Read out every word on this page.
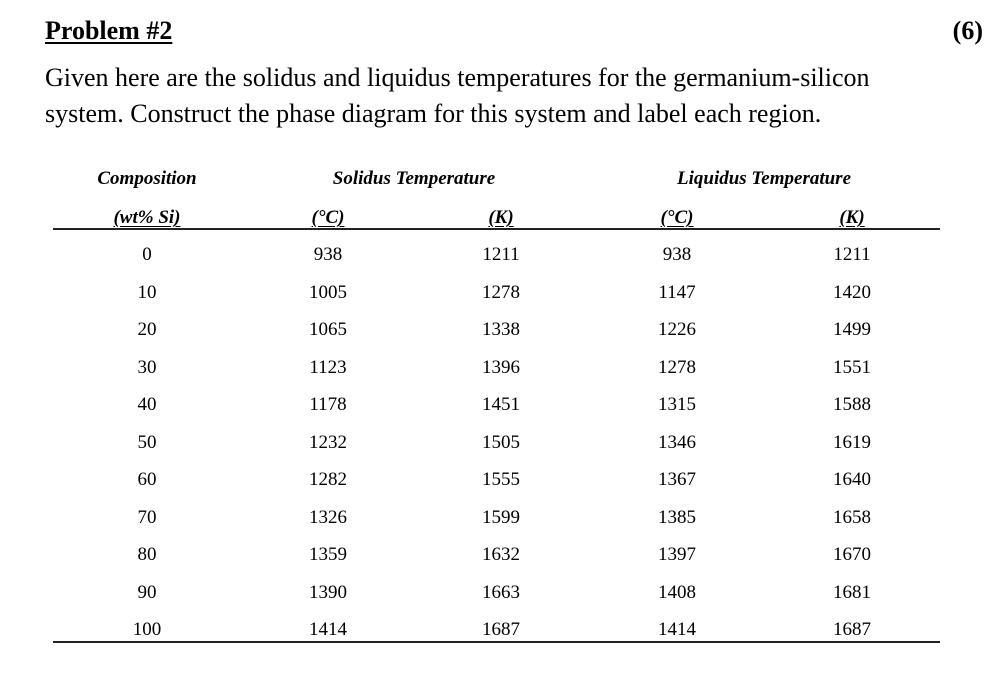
Problem #2	(6)
Given here are the solidus and liquidus temperatures for the germanium-silicon system. Construct the phase diagram for this system and label each region.
Composition	Solidus Temperature	Liquidus Temperature
(wt% Si)	(°C)	(K)	(°C)	(K)
0	938	1211	938	1211
10	1005	1278	1147	1420
20	1065	1338	1226	1499
30	1123	1396	1278	1551
40	1178	1451	1315	1588
50	1232	1505	1346	1619
60	1282	1555	1367	1640
70	1326	1599	1385	1658
80	1359	1632	1397	1670
90	1390	1663	1408	1681
100	1414	1687	1414	1687
